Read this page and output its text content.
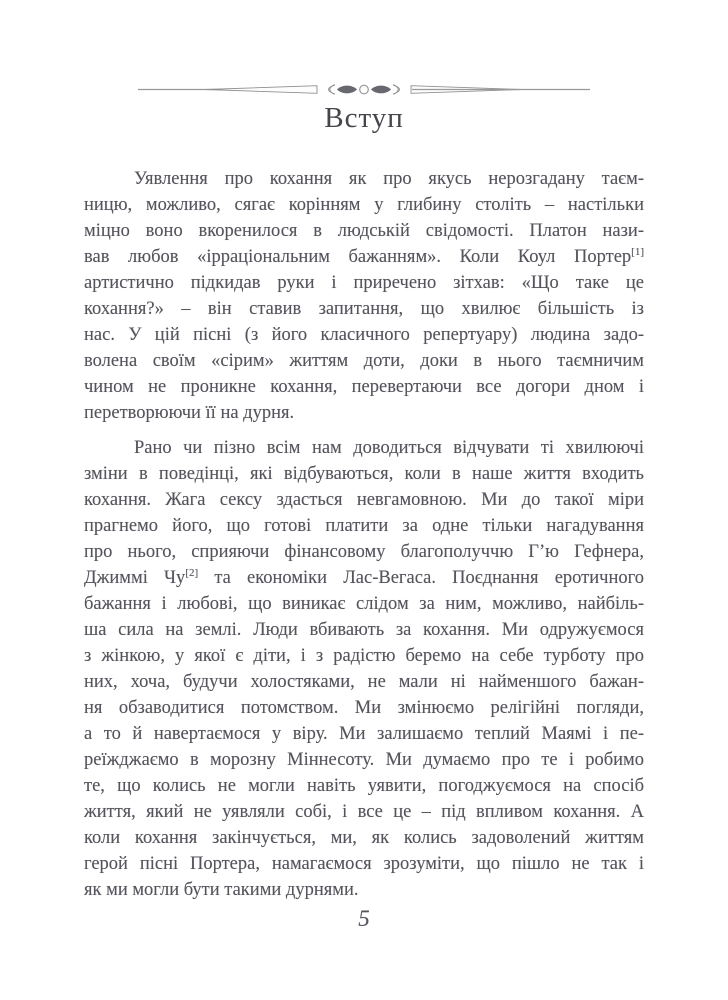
Вступ
Уявлення про кохання як про якусь нерозгадану таєм-
ницю, можливо, сягає корінням у глибину століть – настільки
міцно воно вкоренилося в людській свідомості. Платон нази-
вав любов «ірраціональним бажанням». Коли Коул Портер[1]
артистично підкидав руки і приречено зітхав: «Що таке це
кохання?» – він ставив запитання, що хвилює більшість із
нас. У цій пісні (з його класичного репертуару) людина задо-
волена своїм «сірим» життям доти, доки в нього таємничим
чином не проникне кохання, перевертаючи все догори дном і
перетворюючи її на дурня.
Рано чи пізно всім нам доводиться відчувати ті хвилюючі
зміни в поведінці, які відбуваються, коли в наше життя входить
кохання. Жага сексу здасться невгамовною. Ми до такої міри
прагнемо його, що готові платити за одне тільки нагадування
про нього, сприяючи фінансовому благополуччю Г’ю Гефнера,
Джиммі Чу[2] та економіки Лас-Вегаса. Поєднання еротичного
бажання і любові, що виникає слідом за ним, можливо, найбіль-
ша сила на землі. Люди вбивають за кохання. Ми одружуємося
з жінкою, у якої є діти, і з радістю беремо на себе турботу про
них, хоча, будучи холостяками, не мали ні найменшого бажан-
ня обзаводитися потомством. Ми змінюємо релігійні погляди,
а то й навертаємося у віру. Ми залишаємо теплий Маямі і пе-
реїжджаємо в морозну Міннесоту. Ми думаємо про те і робимо
те, що колись не могли навіть уявити, погоджуємося на спосіб
життя, який не уявляли собі, і все це – під впливом кохання. А
коли кохання закінчується, ми, як колись задоволений життям
герой пісні Портера, намагаємося зрозуміти, що пішло не так і
як ми могли бути такими дурнями.
5
